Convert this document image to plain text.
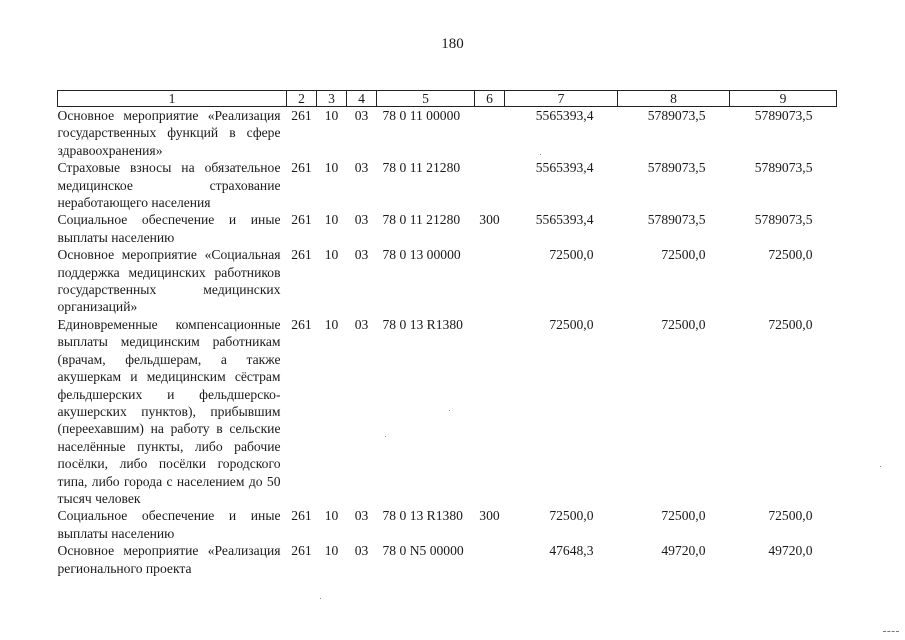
180
1	2	3	4	5	6	7	8	9
Основное мероприятие «Реализация государственных функций в сфере здравоохранения»	261	10	03	78 0 11 00000		5565393,4	5789073,5	5789073,5
Страховые взносы на обязательное медицинское страхование неработающего населения	261	10	03	78 0 11 21280		5565393,4	5789073,5	5789073,5
Социальное обеспечение и иные выплаты населению	261	10	03	78 0 11 21280	300	5565393,4	5789073,5	5789073,5
Основное мероприятие «Социальная поддержка медицинских работников государственных медицинских организаций»	261	10	03	78 0 13 00000		72500,0	72500,0	72500,0
Единовременные компенсационные выплаты медицинским работникам (врачам, фельдшерам, а также акушеркам и медицинским сёстрам фельдшерских и фельдшерско-акушерских пунктов), прибывшим (переехавшим) на работу в сельские населённые пункты, либо рабочие посёлки, либо посёлки городского типа, либо города с населением до 50 тысяч человек	261	10	03	78 0 13 R1380		72500,0	72500,0	72500,0
Социальное обеспечение и иные выплаты населению	261	10	03	78 0 13 R1380	300	72500,0	72500,0	72500,0
Основное мероприятие «Реализация регионального проекта	261	10	03	78 0 N5 00000		47648,3	49720,0	49720,0
